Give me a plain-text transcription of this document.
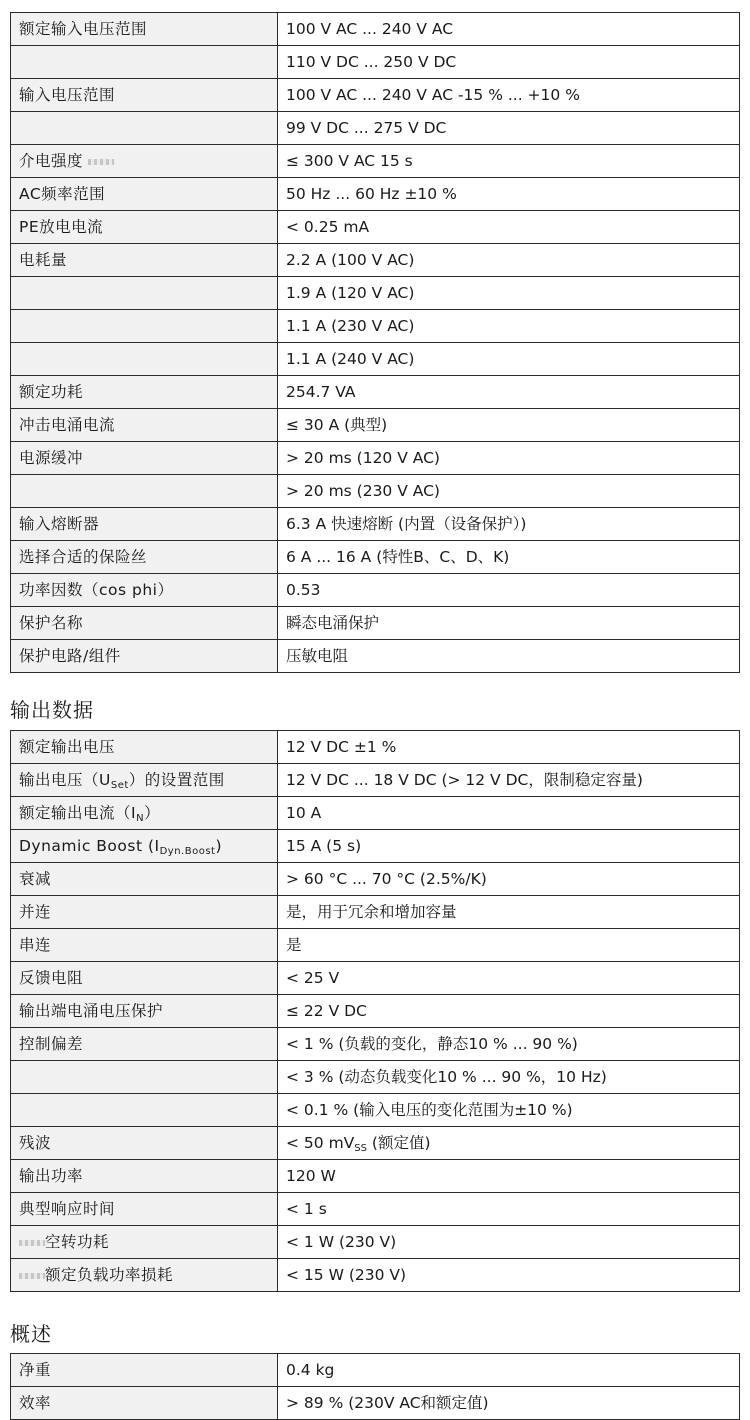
额定输入电压范围	100 V AC ... 240 V AC
	110 V DC ... 250 V DC
输入电压范围	100 V AC ... 240 V AC -15 % ... +10 %
	99 V DC ... 275 V DC
介电强度	≤ 300 V AC 15 s
AC频率范围	50 Hz ... 60 Hz ±10 %
PE放电电流	< 0.25 mA
电耗量	2.2 A (100 V AC)
	1.9 A (120 V AC)
	1.1 A (230 V AC)
	1.1 A (240 V AC)
额定功耗	254.7 VA
冲击电涌电流	≤ 30 A (典型)
电源缓冲	> 20 ms (120 V AC)
	> 20 ms (230 V AC)
输入熔断器	6.3 A 快速熔断 (内置（设备保护）)
选择合适的保险丝	6 A ... 16 A (特性B、C、D、K)
功率因数（cos phi）	0.53
保护名称	瞬态电涌保护
保护电路/组件	压敏电阻
输出数据
额定输出电压	12 V DC ±1 %
输出电压$(U_{Set})$的设置范围	12 V DC ... 18 V DC (> 12 V DC，限制稳定容量)
额定输出电流$(I_N)$	10 A
Dynamic Boost $(I_{Dyn.Boost})$	15 A (5 s)
衰减	> 60 °C ... 70 °C (2.5%/K)
并连	是，用于冗余和增加容量
串连	是
反馈电阻	< 25 V
输出端电涌电压保护	≤ 22 V DC
控制偏差	< 1 % (负载的变化，静态10 % ... 90 %)
	< 3 % (动态负载变化10 % ... 90 %，10 Hz)
	< 0.1 % (输入电压的变化范围为±10 %)
残波	< 50 $mV_{SS}$ (额定值)
输出功率	120 W
典型响应时间	< 1 s
空转功耗	< 1 W (230 V)
额定负载功率损耗	< 15 W (230 V)
概述
净重	0.4 kg
效率	> 89 % (230V AC和额定值)
